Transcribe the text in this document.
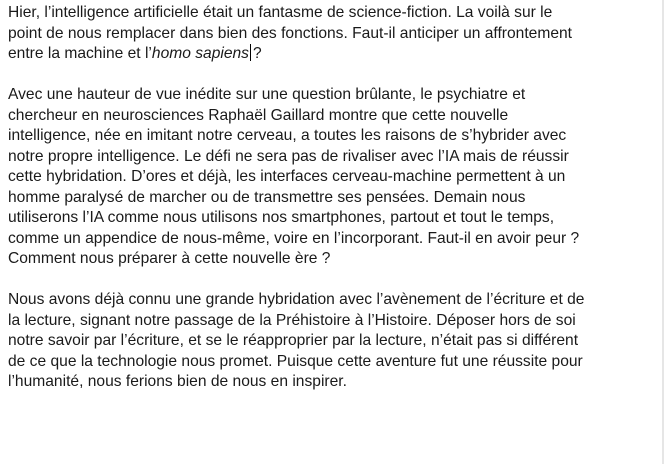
Hier, l’intelligence artificielle était un fantasme de science-fiction. La voilà sur le
point de nous remplacer dans bien des fonctions. Faut-il anticiper un affrontement
entre la machine et l’homo sapiens ?
Avec une hauteur de vue inédite sur une question brûlante, le psychiatre et
chercheur en neurosciences Raphaël Gaillard montre que cette nouvelle
intelligence, née en imitant notre cerveau, a toutes les raisons de s’hybrider avec
notre propre intelligence. Le défi ne sera pas de rivaliser avec l’IA mais de réussir
cette hybridation. D’ores et déjà, les interfaces cerveau-machine permettent à un
homme paralysé de marcher ou de transmettre ses pensées. Demain nous
utiliserons l’IA comme nous utilisons nos smartphones, partout et tout le temps,
comme un appendice de nous-même, voire en l’incorporant. Faut-il en avoir peur ?
Comment nous préparer à cette nouvelle ère ?
Nous avons déjà connu une grande hybridation avec l’avènement de l’écriture et de
la lecture, signant notre passage de la Préhistoire à l’Histoire. Déposer hors de soi
notre savoir par l’écriture, et se le réapproprier par la lecture, n’était pas si différent
de ce que la technologie nous promet. Puisque cette aventure fut une réussite pour
l’humanité, nous ferions bien de nous en inspirer.
